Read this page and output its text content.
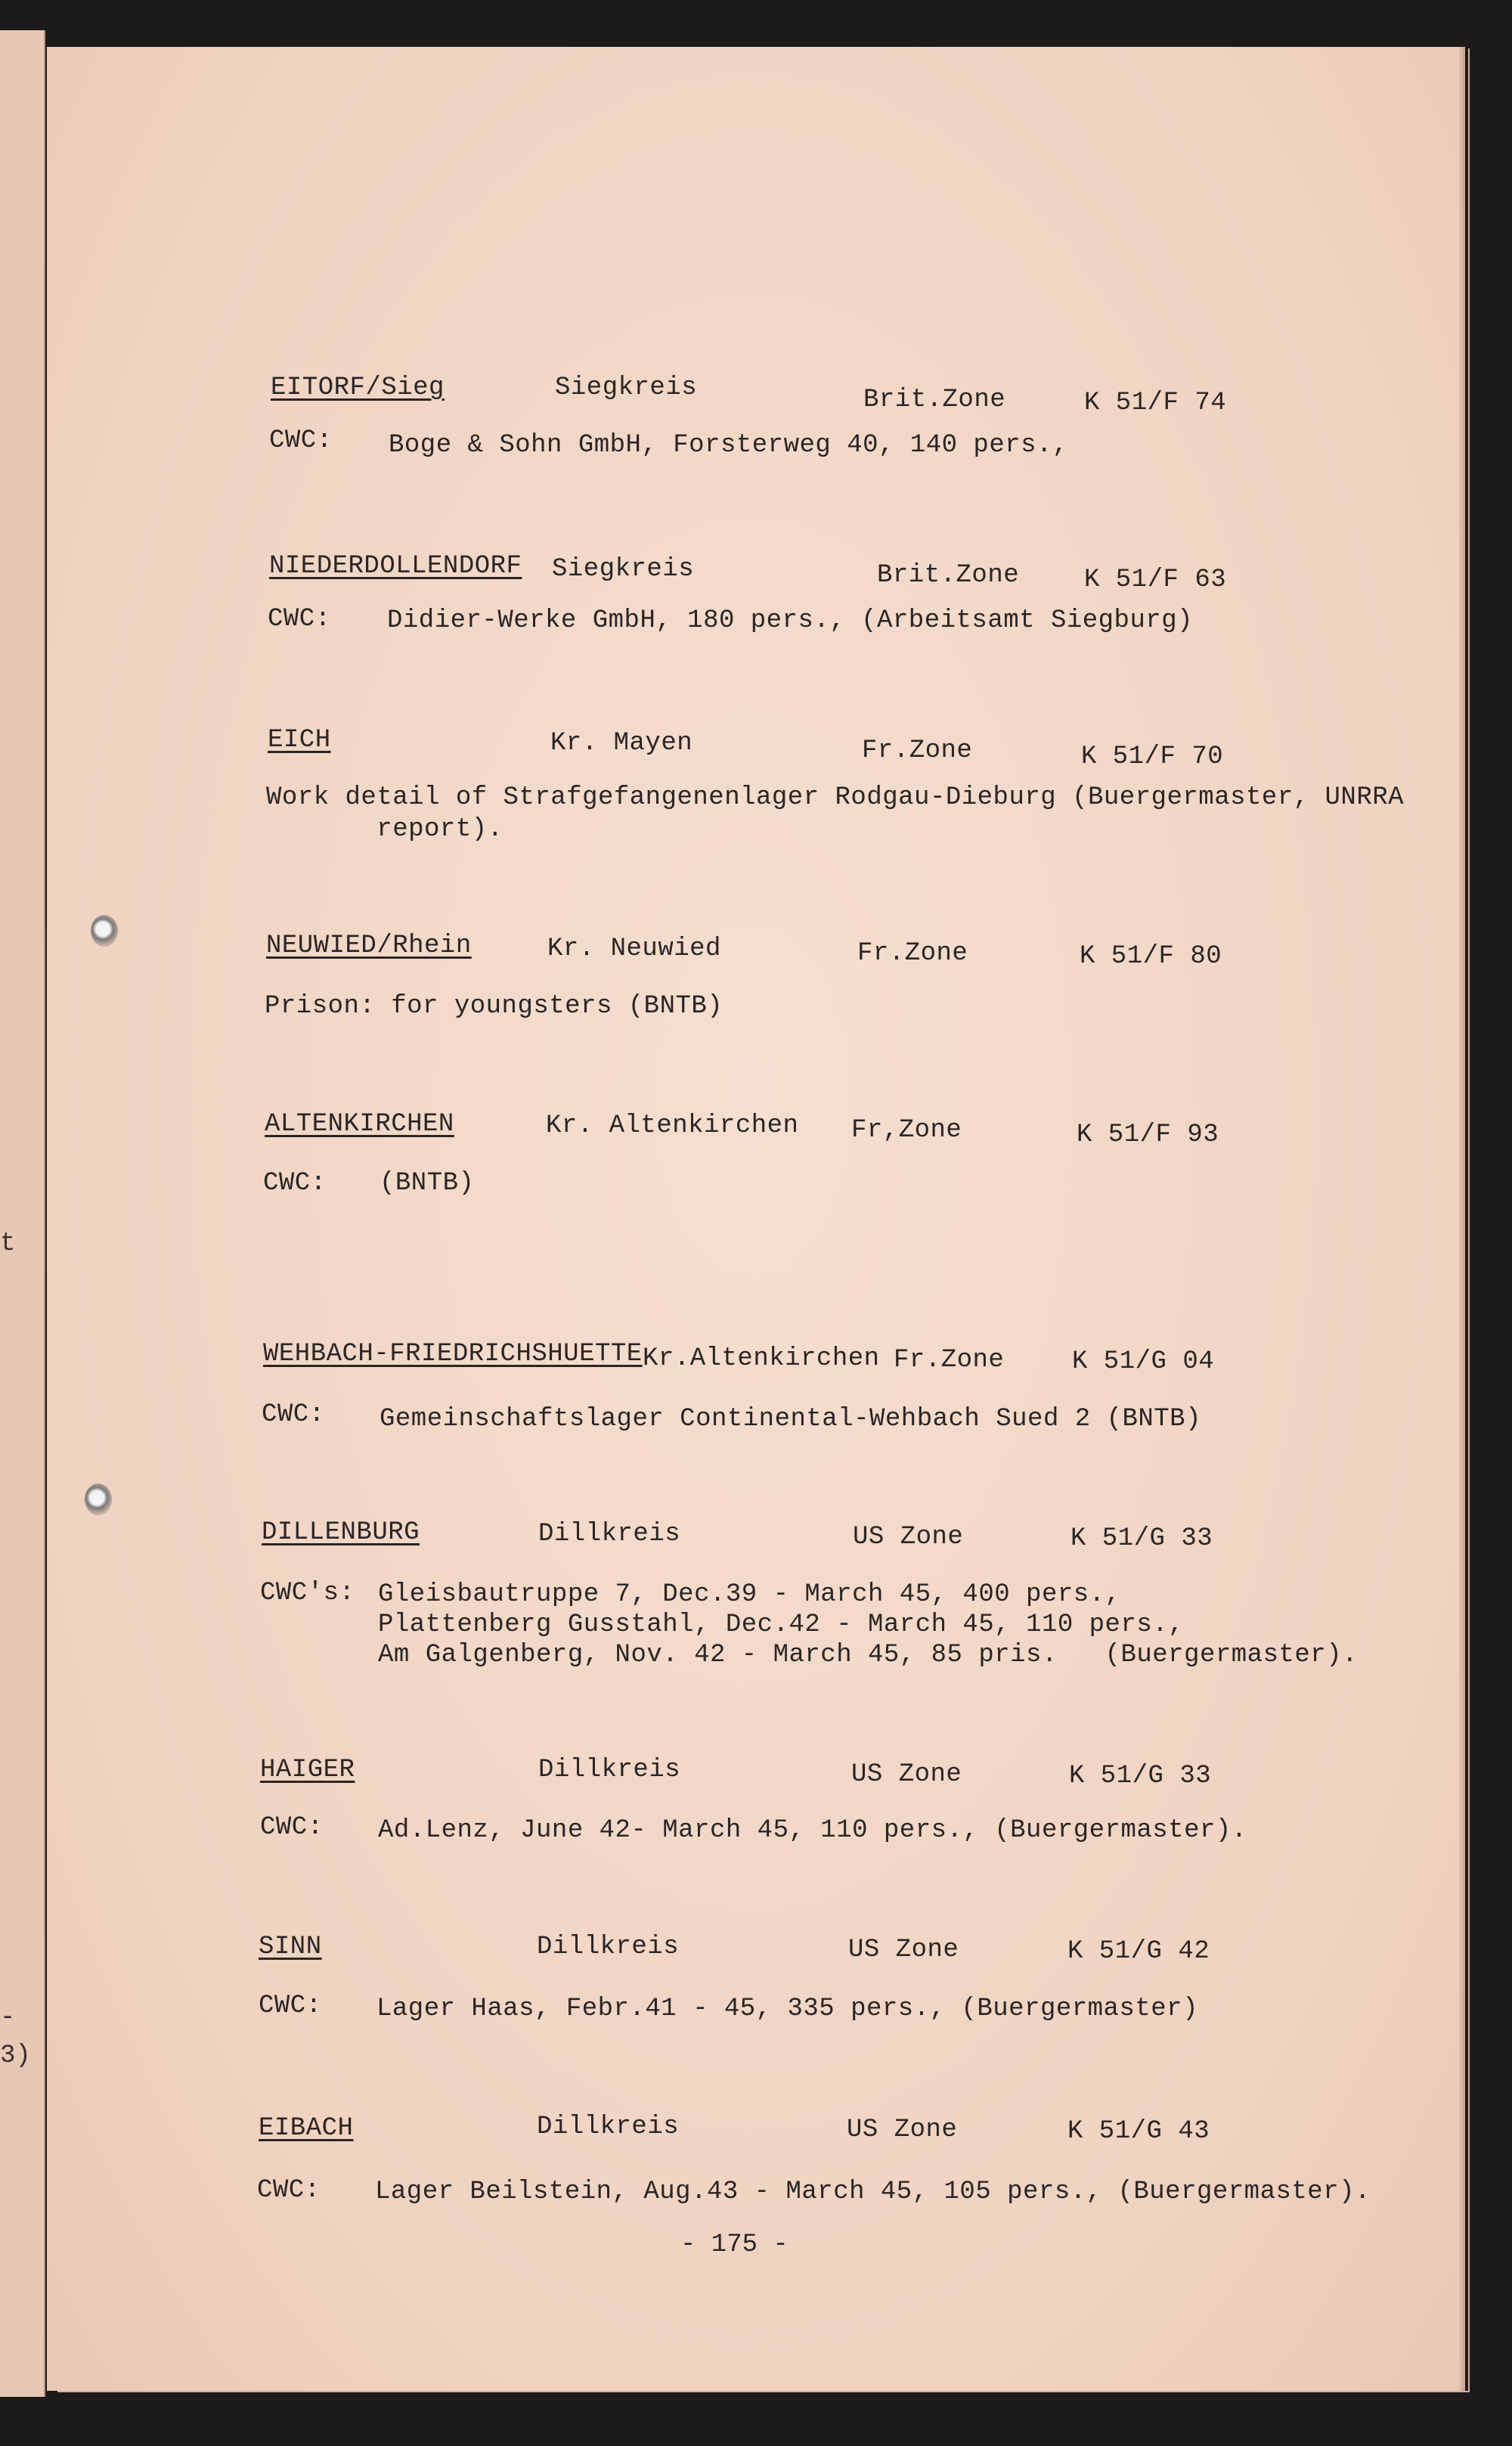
t
-
3)
EITORF/Sieg	Siegkreis	Brit.Zone	K 51/F 74
CWC: Boge & Sohn GmbH, Forsterweg 40, 140 pers.,
NIEDERDOLLENDORF Siegkreis	Brit.Zone	K 51/F 63
CWC: Didier-Werke GmbH, 180 pers., (Arbeitsamt Siegburg)
EICH	Kr. Mayen	Fr.Zone	K 51/F 70
Work detail of Strafgefangenenlager Rodgau-Dieburg (Buergermaster, UNRRA
report).
NEUWIED/Rhein	Kr. Neuwied	Fr.Zone	K 51/F 80
Prison: for youngsters (BNTB)
ALTENKIRCHEN	Kr. Altenkirchen Fr,Zone	K 51/F 93
CWC: (BNTB)
WEHBACH-FRIEDRICHSHUETTE Kr.Altenkirchen Fr.Zone	K 51/G 04
CWC: Gemeinschaftslager Continental-Wehbach Sued 2 (BNTB)
DILLENBURG	Dillkreis	US Zone	K 51/G 33
CWC's: Gleisbautruppe 7, Dec.39 - March 45, 400 pers.,
Plattenberg Gusstahl, Dec.42 - March 45, 110 pers.,
Am Galgenberg, Nov. 42 - March 45, 85 pris.   (Buergermaster).
HAIGER	Dillkreis	US Zone	K 51/G 33
CWC: Ad.Lenz, June 42- March 45, 110 pers., (Buergermaster).
SINN	Dillkreis	US Zone	K 51/G 42
CWC: Lager Haas, Febr.41 - 45, 335 pers., (Buergermaster)
EIBACH	Dillkreis	US Zone	K 51/G 43
CWC: Lager Beilstein, Aug.43 - March 45, 105 pers., (Buergermaster).
- 175 -
